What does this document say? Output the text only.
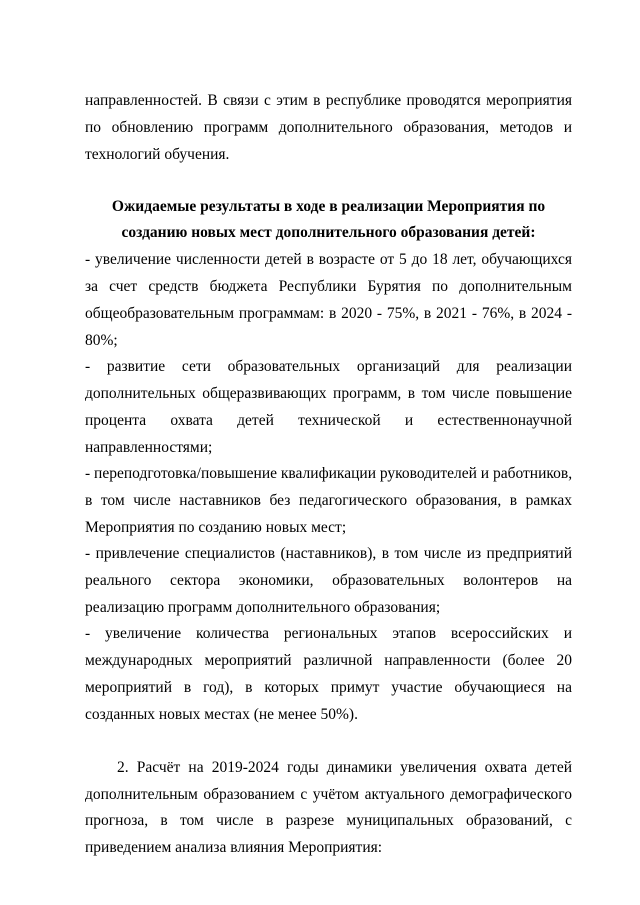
направленностей. В связи с этим в республике проводятся мероприятия
по обновлению программ дополнительного образования, методов и
технологий обучения.
Ожидаемые результаты в ходе в реализации Мероприятия по
созданию новых мест дополнительного образования детей:
- увеличение численности детей в возрасте от 5 до 18 лет, обучающихся
за счет средств бюджета Республики Бурятия по дополнительным
общеобразовательным программам: в 2020 - 75%, в 2021 - 76%, в 2024 -
80%;
- развитие сети образовательных организаций для реализации
дополнительных общеразвивающих программ, в том числе повышение
процента охвата детей технической и естественнонаучной
направленностями;
- переподготовка/повышение квалификации руководителей и работников,
в том числе наставников без педагогического образования, в рамках
Мероприятия по созданию новых мест;
- привлечение специалистов (наставников), в том числе из предприятий
реального сектора экономики, образовательных волонтеров на
реализацию программ дополнительного образования;
- увеличение количества региональных этапов всероссийских и
международных мероприятий различной направленности (более 20
мероприятий в год), в которых примут участие обучающиеся на
созданных новых местах (не менее 50%).
2. Расчёт на 2019-2024 годы динамики увеличения охвата детей
дополнительным образованием с учётом актуального демографического
прогноза, в том числе в разрезе муниципальных образований, с
приведением анализа влияния Мероприятия:
